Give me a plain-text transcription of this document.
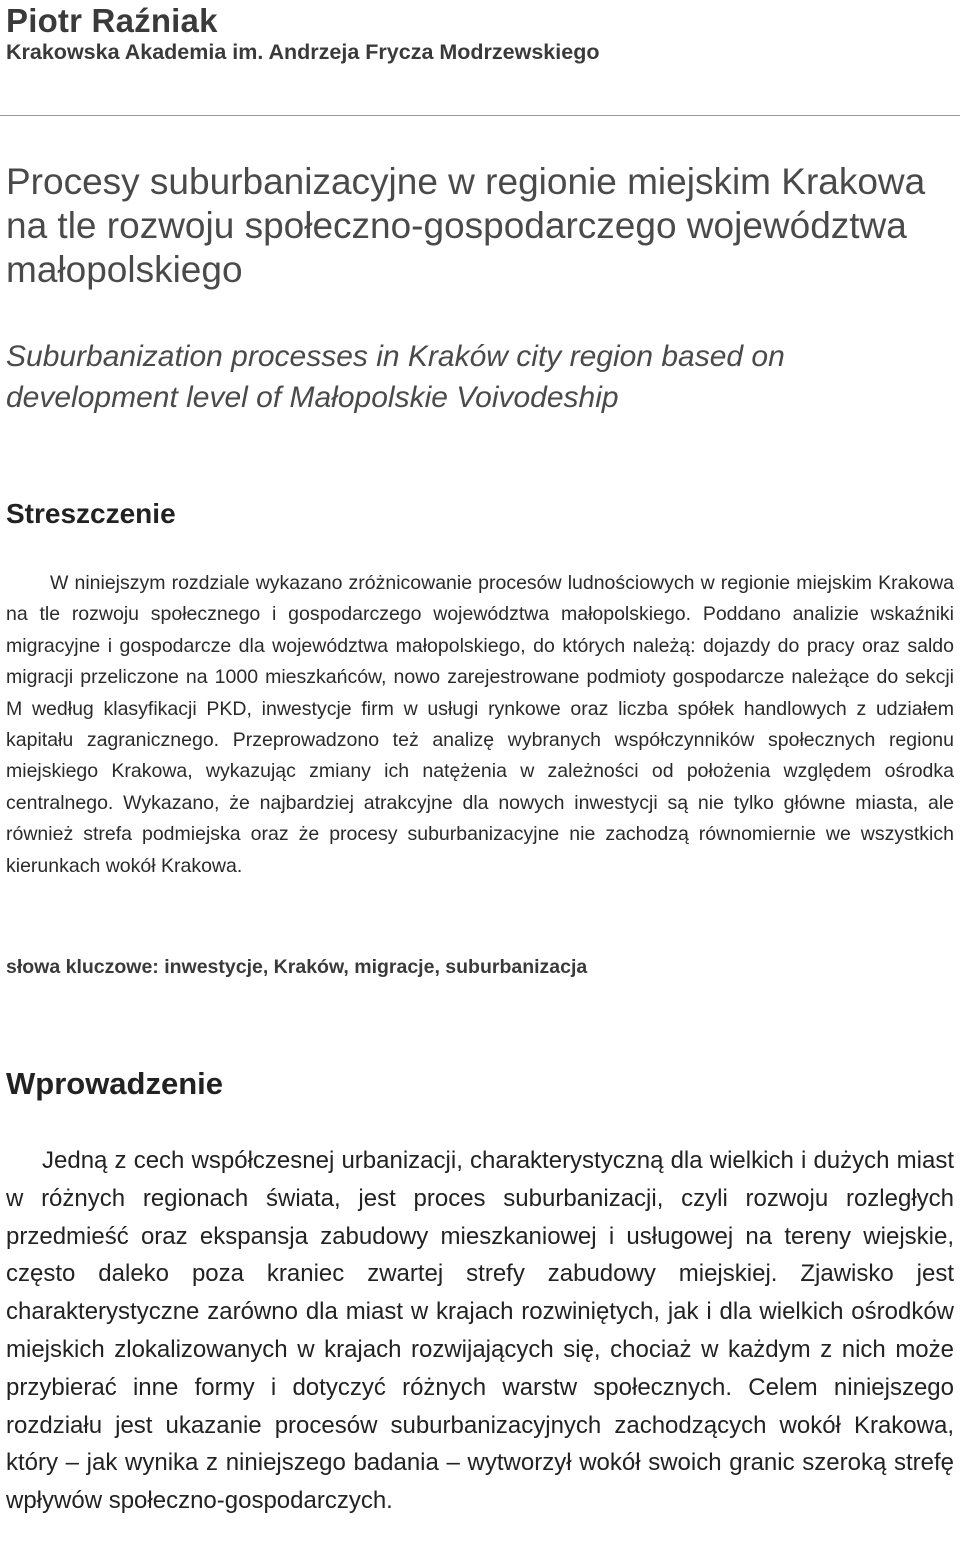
Piotr Raźniak
Krakowska Akademia im. Andrzeja Frycza Modrzewskiego
Procesy suburbanizacyjne w regionie miejskim Krakowa na tle rozwoju społeczno-gospodarczego województwa małopolskiego
Suburbanization processes in Kraków city region based on development level of Małopolskie Voivodeship
Streszczenie

W niniejszym rozdziale wykazano zróżnicowanie procesów ludnościowych w regionie miejskim Krakowa na tle rozwoju społecznego i gospodarczego województwa małopolskiego. Poddano analizie wskaźniki migracyjne i gospodarcze dla województwa małopolskiego, do których należą: dojazdy do pracy oraz saldo migracji przeliczone na 1000 mieszkańców, nowo zarejestrowane podmioty gospodarcze należące do sekcji M według klasyfikacji PKD, inwestycje firm w usługi rynkowe oraz liczba spółek handlowych z udziałem kapitału zagranicznego. Przeprowadzono też analizę wybranych współczynników społecznych regionu miejskiego Krakowa, wykazując zmiany ich natężenia w zależności od położenia względem ośrodka centralnego. Wykazano, że najbardziej atrakcyjne dla nowych inwestycji są nie tylko główne miasta, ale również strefa podmiejska oraz że procesy suburbanizacyjne nie zachodzą równomiernie we wszystkich kierunkach wokół Krakowa.

słowa kluczowe: inwestycje, Kraków, migracje, suburbanizacja
Wprowadzenie

Jedną z cech współczesnej urbanizacji, charakterystyczną dla wielkich i dużych miast w różnych regionach świata, jest proces suburbanizacji, czyli rozwoju rozległych przedmieść oraz ekspansja zabudowy mieszkaniowej i usługowej na tereny wiejskie, często daleko poza kraniec zwartej strefy zabudowy miejskiej. Zjawisko jest charakterystyczne zarówno dla miast w krajach rozwiniętych, jak i dla wielkich ośrodków miejskich zlokalizowanych w krajach rozwijających się, chociaż w każdym z nich może przybierać inne formy i dotyczyć różnych warstw społecznych. Celem niniejszego rozdziału jest ukazanie procesów suburbanizacyjnych zachodzących wokół Krakowa, który – jak wynika z niniejszego badania – wytworzył wokół swoich granic szeroką strefę wpływów społeczno-gospodarczych.
